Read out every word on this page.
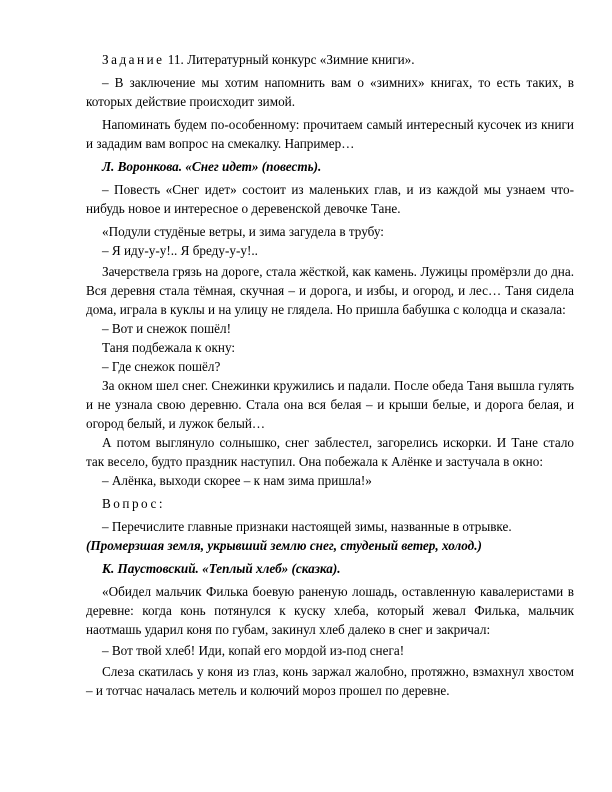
Задание 11. Литературный конкурс «Зимние книги».

– В заключение мы хотим напомнить вам о «зимних» книгах, то есть таких, в которых действие происходит зимой.

Напоминать будем по-особенному: прочитаем самый интересный кусочек из книги и зададим вам вопрос на смекалку. Например…

Л. Воронкова. «Снег идет» (повесть).

– Повесть «Снег идет» состоит из маленьких глав, и из каждой мы узнаем что-нибудь новое и интересное о деревенской девочке Тане.

«Подули студёные ветры, и зима загудела в трубу:

– Я иду-у-у!.. Я бреду-у-у!..

Зачерствела грязь на дороге, стала жёсткой, как камень. Лужицы промёрзли до дна. Вся деревня стала тёмная, скучная – и дорога, и избы, и огород, и лес… Таня сидела дома, играла в куклы и на улицу не глядела. Но пришла бабушка с колодца и сказала:

– Вот и снежок пошёл!

Таня подбежала к окну:

– Где снежок пошёл?

За окном шел снег. Снежинки кружились и падали. После обеда Таня вышла гулять и не узнала свою деревню. Стала она вся белая – и крыши белые, и дорога белая, и огород белый, и лужок белый…

А потом выглянуло солнышко, снег заблестел, загорелись искорки. И Тане стало так весело, будто праздник наступил. Она побежала к Алёнке и застучала в окно:

– Алёнка, выходи скорее – к нам зима пришла!»

Вопрос:

– Перечислите главные признаки настоящей зимы, названные в отрывке.

(Промерзшая земля, укрывший землю снег, студеный ветер, холод.)

К. Паустовский. «Теплый хлеб» (сказка).

«Обидел мальчик Филька боевую раненую лошадь, оставленную кавалеристами в деревне: когда конь потянулся к куску хлеба, который жевал Филька, мальчик наотмашь ударил коня по губам, закинул хлеб далеко в снег и закричал:

– Вот твой хлеб! Иди, копай его мордой из-под снега!

Слеза скатилась у коня из глаз, конь заржал жалобно, протяжно, взмахнул хвостом – и тотчас началась метель и колючий мороз прошел по деревне.
